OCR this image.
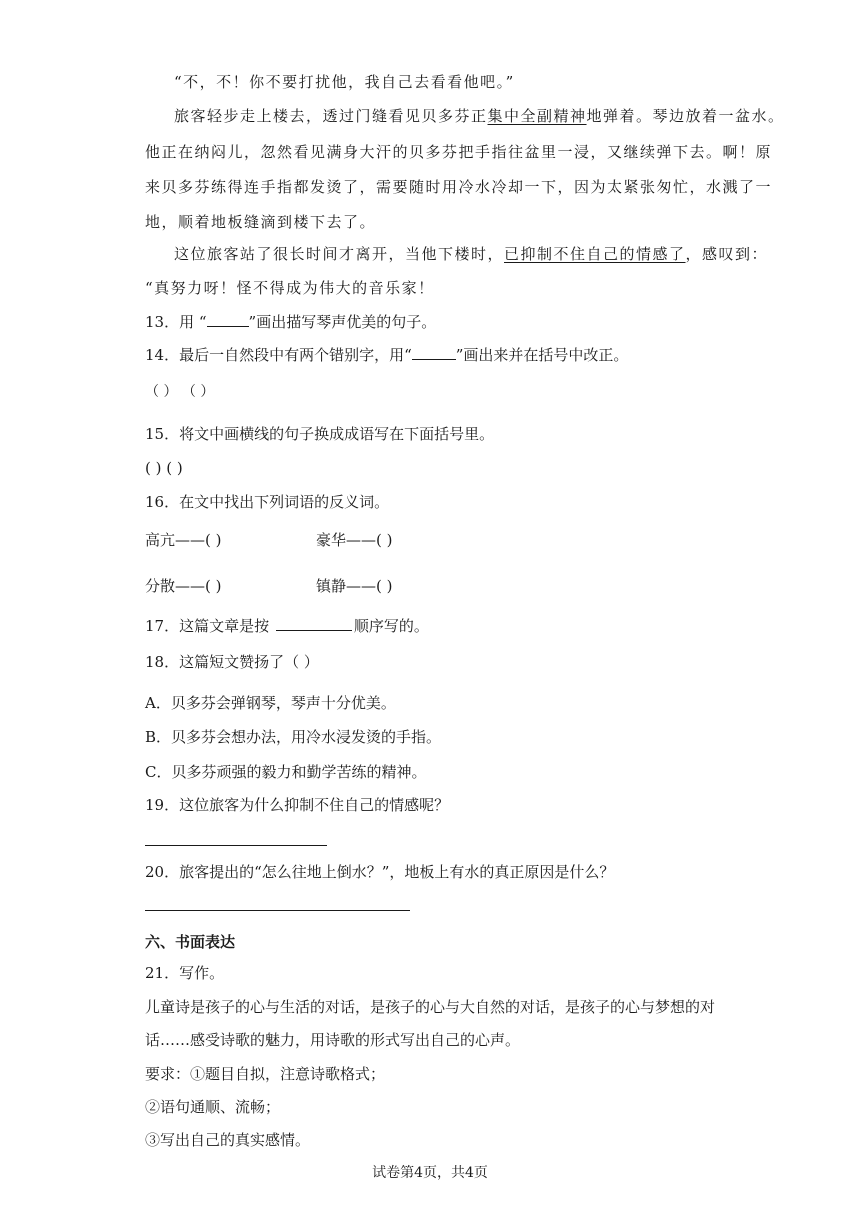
“不，不！你不要打扰他，我自己去看看他吧。”
旅客轻步走上楼去，透过门缝看见贝多芬正集中全副精神地弹着。琴边放着一盆水。
他正在纳闷儿，忽然看见满身大汗的贝多芬把手指往盆里一浸，又继续弹下去。啊！原
来贝多芬练得连手指都发烫了，需要随时用冷水冷却一下，因为太紧张匆忙，水溅了一
地，顺着地板缝滴到楼下去了。
这位旅客站了很长时间才离开，当他下楼时，已抑制不住自己的情感了，感叹到：
“真努力呀！怪不得成为伟大的音乐家！
13．用 “	”画出描写琴声优美的句子。
14．最后一自然段中有两个错别字，用“	”画出来并在括号中改正。
（ ） （ ）
15．将文中画横线的句子换成成语写在下面括号里。
( ) ( )
16．在文中找出下列词语的反义词。
高亢——( )	豪华——( )
分散——( )	镇静——( )
17．这篇文章是按	顺序写的。
18．这篇短文赞扬了（ ）
A．贝多芬会弹钢琴，琴声十分优美。
B．贝多芬会想办法，用冷水浸发烫的手指。
C．贝多芬顽强的毅力和勤学苦练的精神。
19．这位旅客为什么抑制不住自己的情感呢？
20．旅客提出的“怎么往地上倒水？”，地板上有水的真正原因是什么？
六、书面表达
21．写作。
儿童诗是孩子的心与生活的对话，是孩子的心与大自然的对话，是孩子的心与梦想的对
话……感受诗歌的魅力，用诗歌的形式写出自己的心声。
要求：①题目自拟，注意诗歌格式；
②语句通顺、流畅；
③写出自己的真实感情。
试卷第4页，共4页
